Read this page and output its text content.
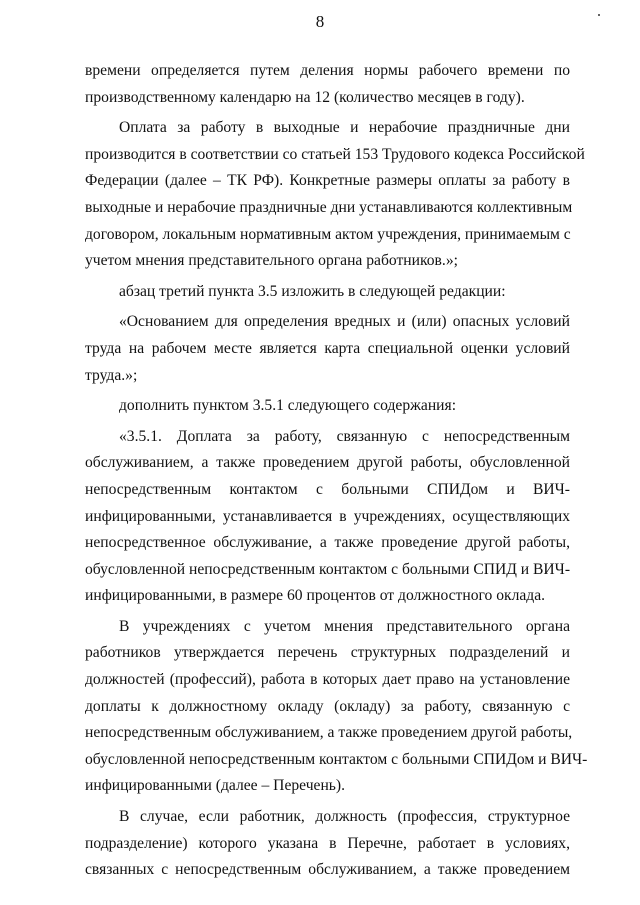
8
времени определяется путем деления нормы рабочего времени по
производственному календарю на 12 (количество месяцев в году).
Оплата за работу в выходные и нерабочие праздничные дни
производится в соответствии со статьей 153 Трудового кодекса Российской
Федерации (далее – ТК РФ). Конкретные размеры оплаты за работу в
выходные и нерабочие праздничные дни устанавливаются коллективным
договором, локальным нормативным актом учреждения, принимаемым с
учетом мнения представительного органа работников.»;
абзац третий пункта 3.5 изложить в следующей редакции:
«Основанием для определения вредных и (или) опасных условий
труда на рабочем месте является карта специальной оценки условий
труда.»;
дополнить пунктом 3.5.1 следующего содержания:
«3.5.1. Доплата за работу, связанную с непосредственным
обслуживанием, а также проведением другой работы, обусловленной
непосредственным контактом с больными СПИДом и ВИЧ-
инфицированными, устанавливается в учреждениях, осуществляющих
непосредственное обслуживание, а также проведение другой работы,
обусловленной непосредственным контактом с больными СПИД и ВИЧ-
инфицированными, в размере 60 процентов от должностного оклада.
В учреждениях с учетом мнения представительного органа
работников утверждается перечень структурных подразделений и
должностей (профессий), работа в которых дает право на установление
доплаты к должностному окладу (окладу) за работу, связанную с
непосредственным обслуживанием, а также проведением другой работы,
обусловленной непосредственным контактом с больными СПИДом и ВИЧ-
инфицированными (далее – Перечень).
В случае, если работник, должность (профессия, структурное
подразделение) которого указана в Перечне, работает в условиях,
связанных с непосредственным обслуживанием, а также проведением
